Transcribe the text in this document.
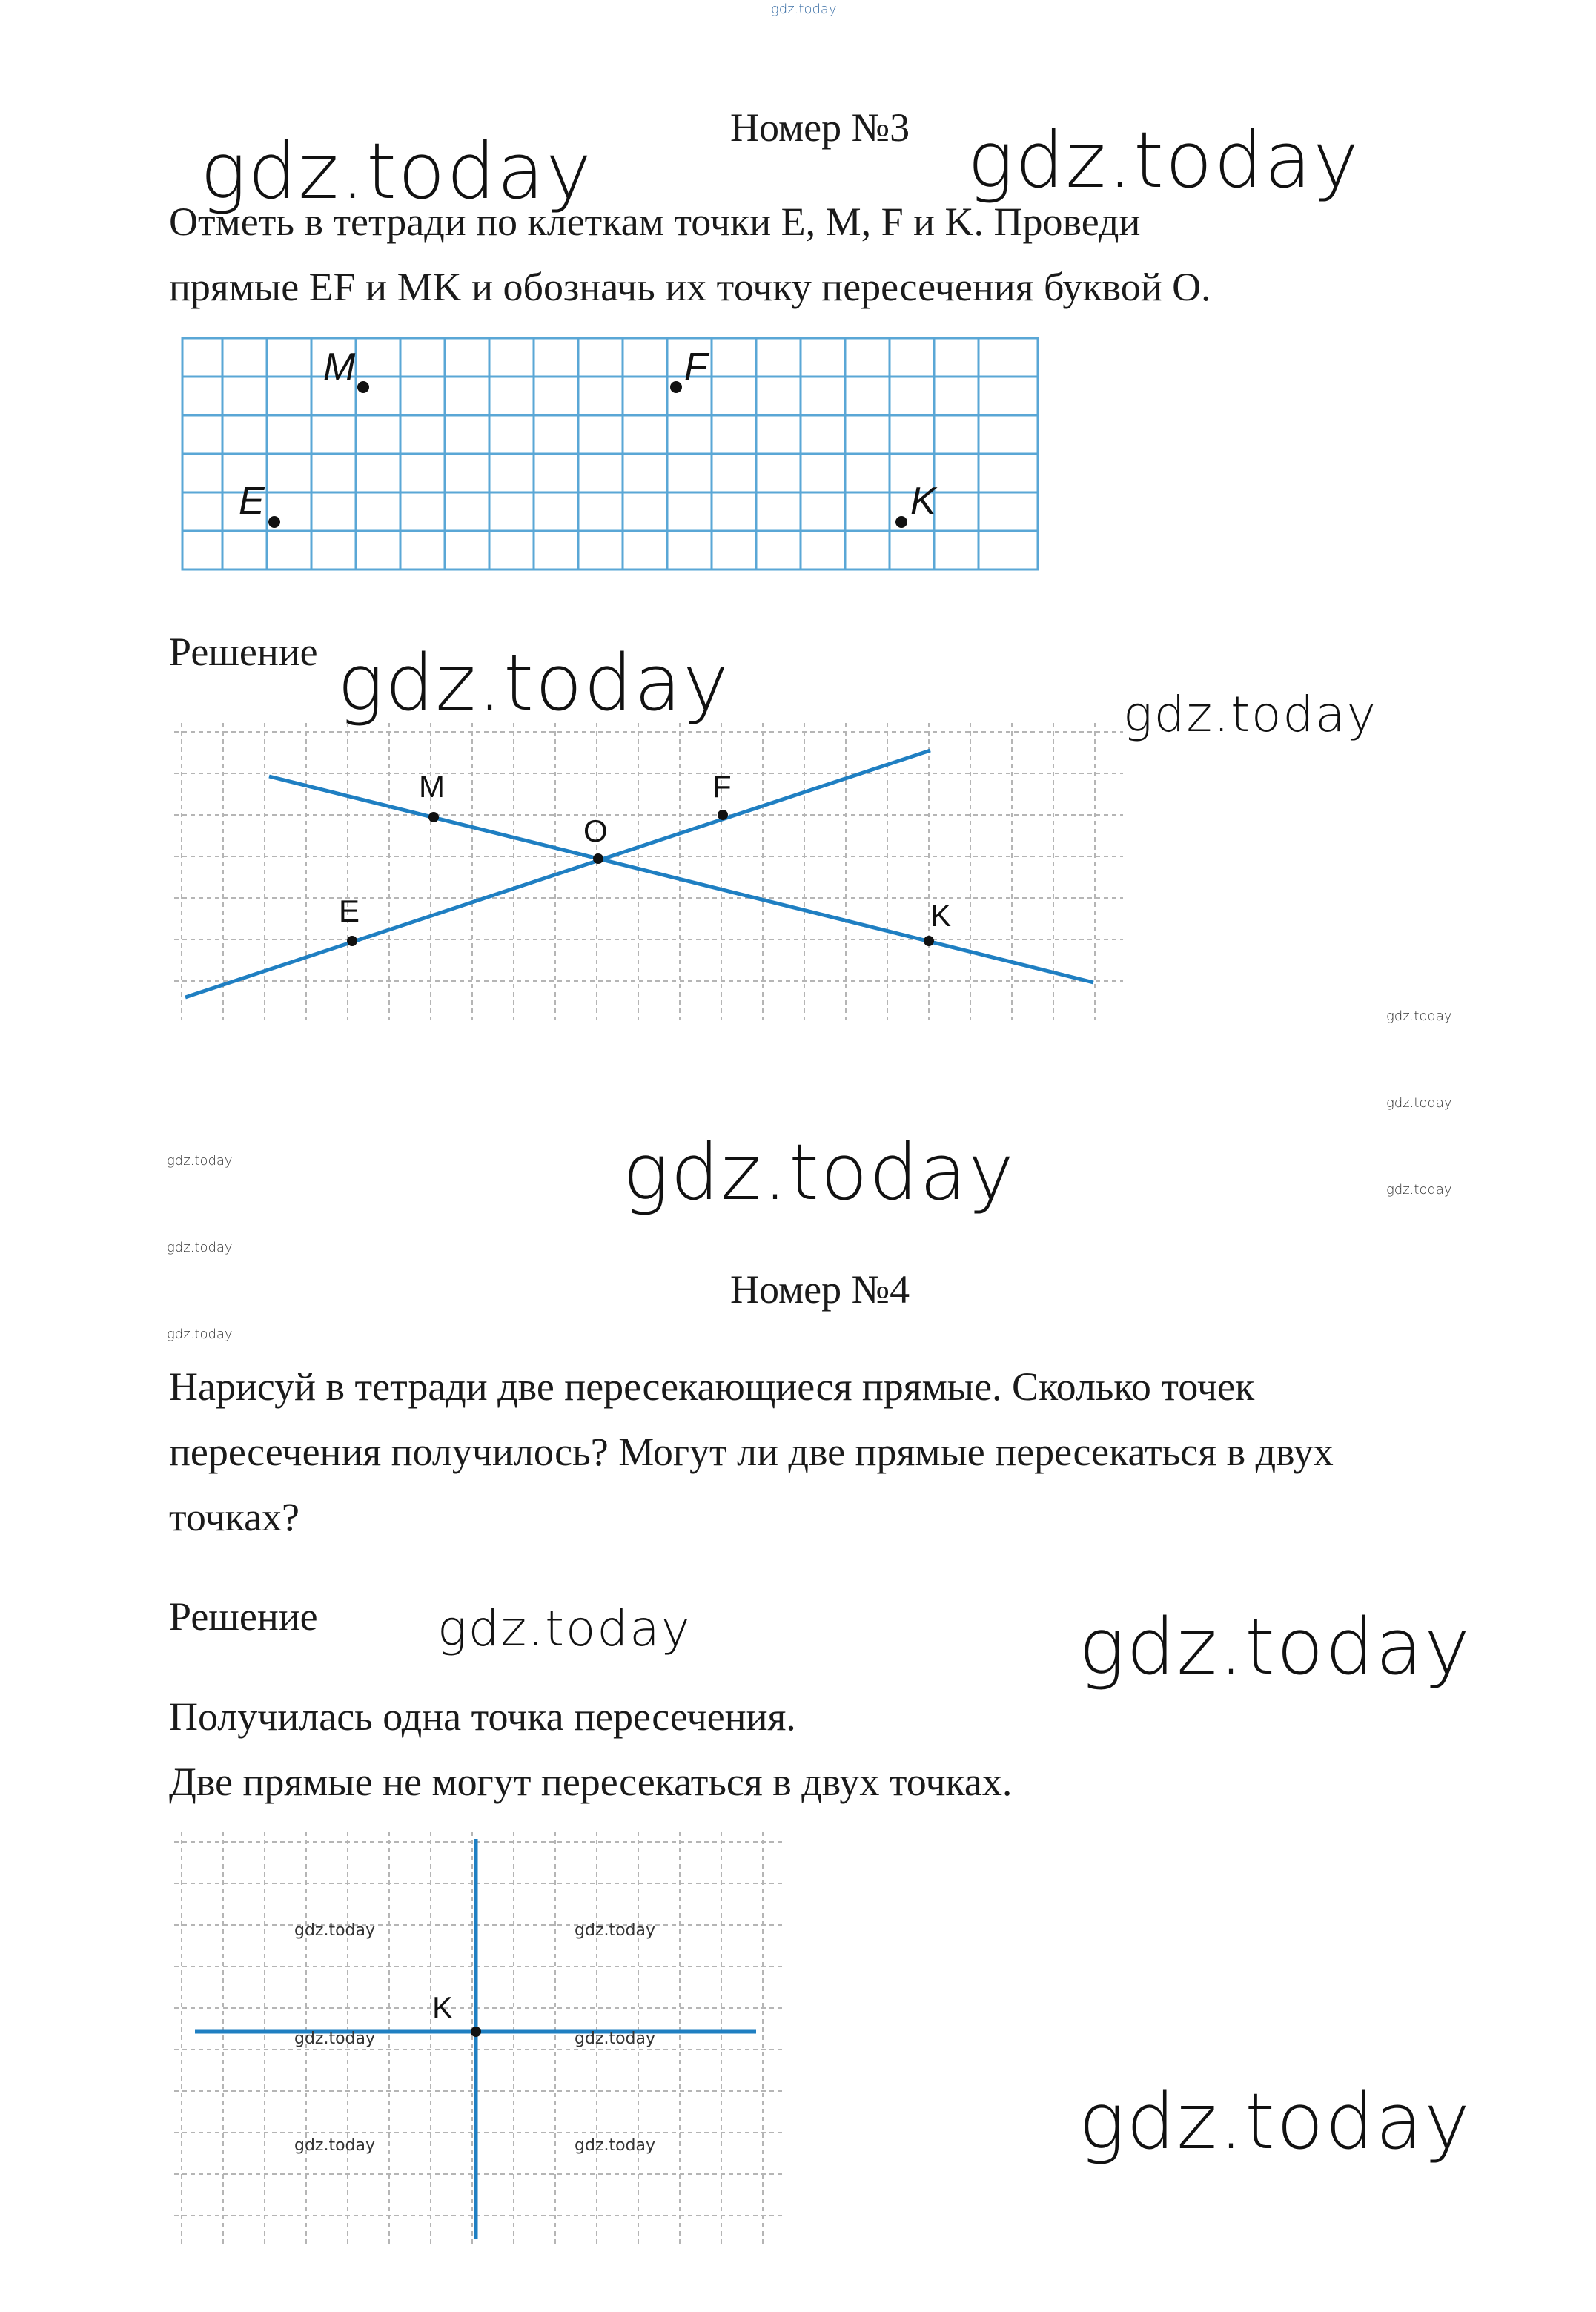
gdz.today
Номер №3
gdz.today	gdz.today
Отметь в тетради по клеткам точки E, M, F и K. Проведи
прямые EF и MK и обозначь их точку пересечения буквой O.
M	F
E	K
Решение gdz.today	gdz.today
M	F
O
E	K
gdz.today
gdz.today
gdz.today
gdz.today
gdz.today
gdz.today
gdz.today
Номер №4
Нарисуй в тетради две пересекающиеся прямые. Сколько точек
пересечения получилось? Могут ли две прямые пересекаться в двух
точках?
Решение gdz.today	gdz.today
Получилась одна точка пересечения.
Две прямые не могут пересекаться в двух точках.
K
gdz.today	gdz.today
gdz.today	gdz.today
gdz.today	gdz.today	gdz.today
